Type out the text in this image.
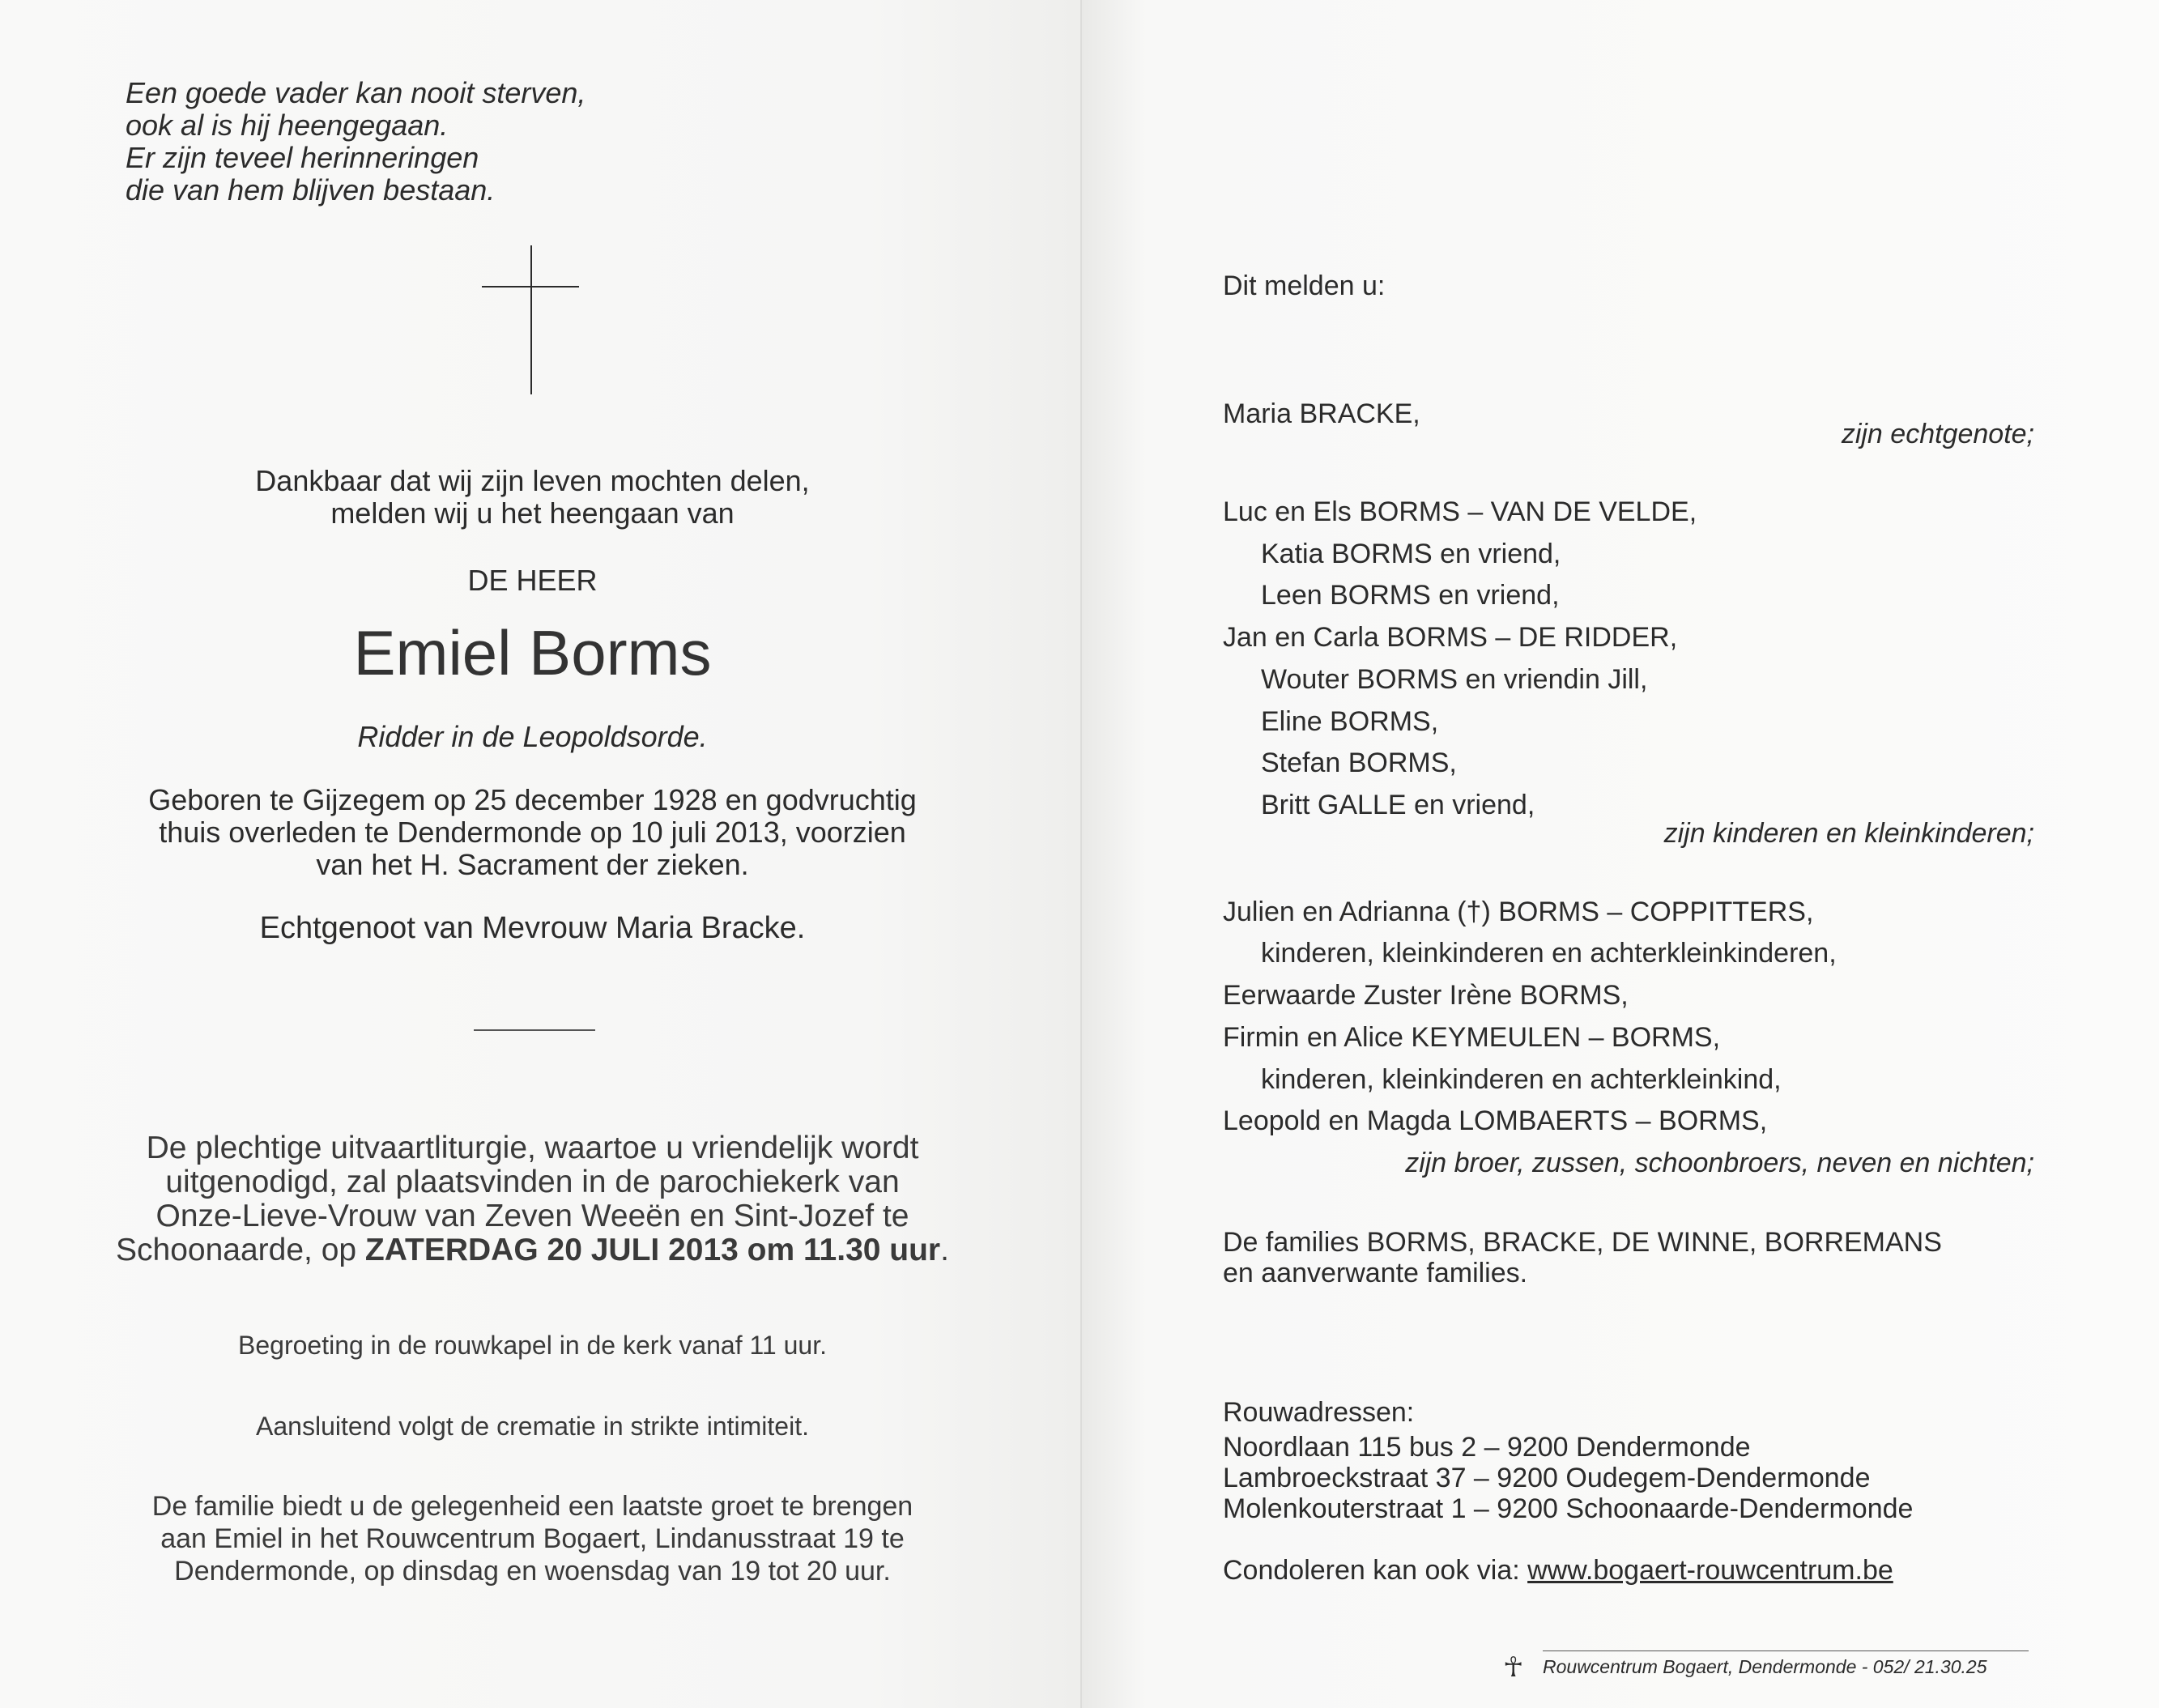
Een goede vader kan nooit sterven,
ook al is hij heengegaan.
Er zijn teveel herinneringen
die van hem blijven bestaan.
Dankbaar dat wij zijn leven mochten delen,
melden wij u het heengaan van
DE HEER
Emiel Borms
Ridder in de Leopoldsorde.
Geboren te Gijzegem op 25 december 1928 en godvruchtig
thuis overleden te Dendermonde op 10 juli 2013, voorzien
van het H. Sacrament der zieken.
Echtgenoot van Mevrouw Maria Bracke.
De plechtige uitvaartliturgie, waartoe u vriendelijk wordt
uitgenodigd, zal plaatsvinden in de parochiekerk van
Onze-Lieve-Vrouw van Zeven Weeën en Sint-Jozef te
Schoonaarde, op ZATERDAG 20 JULI 2013 om 11.30 uur.
Begroeting in de rouwkapel in de kerk vanaf 11 uur.
Aansluitend volgt de crematie in strikte intimiteit.
De familie biedt u de gelegenheid een laatste groet te brengen
aan Emiel in het Rouwcentrum Bogaert, Lindanusstraat 19 te
Dendermonde, op dinsdag en woensdag van 19 tot 20 uur.
Dit melden u:
Maria BRACKE,
zijn echtgenote;
Luc en Els BORMS – VAN DE VELDE,
Katia BORMS en vriend,
Leen BORMS en vriend,
Jan en Carla BORMS – DE RIDDER,
Wouter BORMS en vriendin Jill,
Eline BORMS,
Stefan BORMS,
Britt GALLE en vriend,
zijn kinderen en kleinkinderen;
Julien en Adrianna (†) BORMS – COPPITTERS,
kinderen, kleinkinderen en achterkleinkinderen,
Eerwaarde Zuster Irène BORMS,
Firmin en Alice KEYMEULEN – BORMS,
kinderen, kleinkinderen en achterkleinkind,
Leopold en Magda LOMBAERTS – BORMS,
zijn broer, zussen, schoonbroers, neven en nichten;
De families BORMS, BRACKE, DE WINNE, BORREMANS
en aanverwante families.
Rouwadressen:
Noordlaan 115 bus 2 – 9200 Dendermonde
Lambroeckstraat 37 – 9200 Oudegem-Dendermonde
Molenkouterstraat 1 – 9200 Schoonaarde-Dendermonde
Condoleren kan ook via: www.bogaert-rouwcentrum.be
☥ Rouwcentrum Bogaert, Dendermonde - 052/ 21.30.25
